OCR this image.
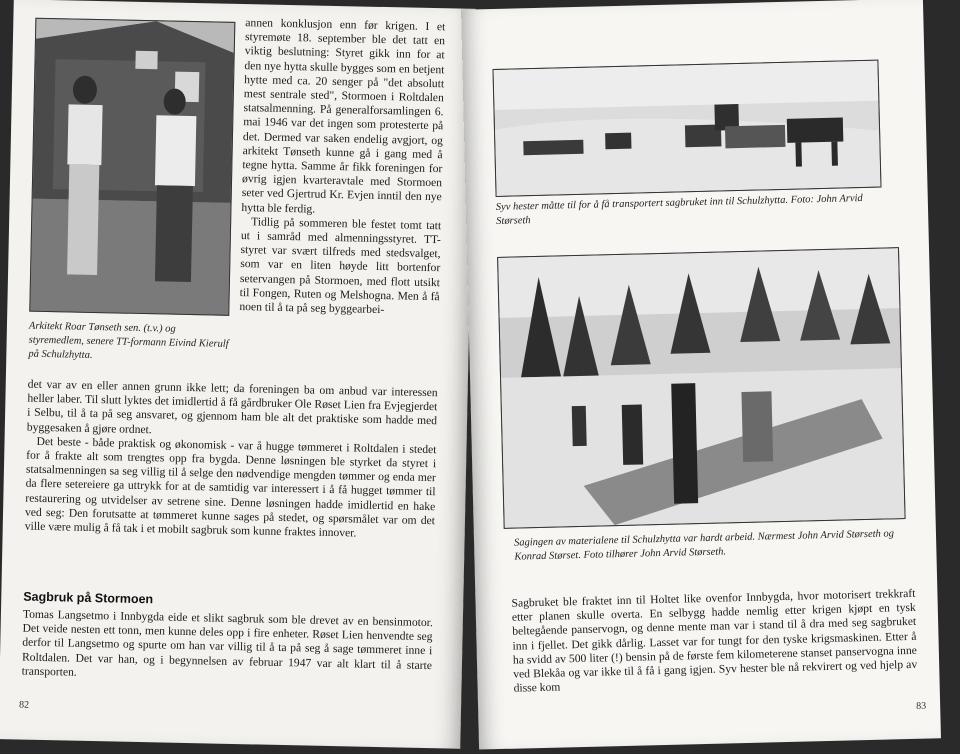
Arkitekt Roar Tønseth sen. (t.v.) og styremedlem, senere TT-formann Eivind Kierulf på Schulzhytta.

annen konklusjon enn før krigen. I et styremøte 18. september ble det tatt en viktig beslutning: Styret gikk inn for at den nye hytta skulle bygges som en betjent hytte med ca. 20 senger på "det absolutt mest sentrale sted", Stormoen i Roltdalen statsalmenning. På generalforsamlingen 6. mai 1946 var det ingen som protesterte på det. Dermed var saken endelig avgjort, og arkitekt Tønseth kunne gå i gang med å tegne hytta. Samme år fikk foreningen for øvrig igjen kvarteravtale med Stormoen seter ved Gjertrud Kr. Evjen inntil den nye hytta ble ferdig.

Tidlig på sommeren ble festet tomt tatt ut i samråd med almenningsstyret. TT-styret var svært tilfreds med stedsvalget, som var en liten høyde litt bortenfor setervangen på Stormoen, med flott utsikt til Fongen, Ruten og Melshogna. Men å få noen til å ta på seg byggearbei-

det var av en eller annen grunn ikke lett; da foreningen ba om anbud var interessen heller laber. Til slutt lyktes det imidlertid å få gårdbruker Ole Røset Lien fra Evjegjerdet i Selbu, til å ta på seg ansvaret, og gjennom ham ble alt det praktiske som hadde med byggesaken å gjøre ordnet.

Det beste - både praktisk og økonomisk - var å hugge tømmeret i Roltdalen i stedet for å frakte alt som trengtes opp fra bygda. Denne løsningen ble styrket da styret i statsalmenningen sa seg villig til å selge den nødvendige mengden tømmer og enda mer da flere setereiere ga uttrykk for at de samtidig var interessert i å få hugget tømmer til restaurering og utvidelser av setrene sine. Denne løsningen hadde imidlertid en hake ved seg: Den forutsatte at tømmeret kunne sages på stedet, og spørsmålet var om det ville være mulig å få tak i et mobilt sagbruk som kunne fraktes innover.

Sagbruk på Stormoen
Tomas Langsetmo i Innbygda eide et slikt sagbruk som ble drevet av en bensinmotor. Det veide nesten ett tonn, men kunne deles opp i fire enheter. Røset Lien henvendte seg derfor til Langsetmo og spurte om han var villig til å ta på seg å sage tømmeret inne i Roltdalen. Det var han, og i begynnelsen av februar 1947 var alt klart til å starte transporten.
82
Syv hester måtte til for å få transportert sagbruket inn til Schulzhytta. Foto: John Arvid Størseth
Sagingen av materialene til Schulzhytta var hardt arbeid. Nærmest John Arvid Størseth og Konrad Størset. Foto tilhører John Arvid Størseth.
Sagbruket ble fraktet inn til Holtet like ovenfor Innbygda, hvor motorisert trekkraft etter planen skulle overta. En selbygg hadde nemlig etter krigen kjøpt en tysk beltegående panservogn, og denne mente man var i stand til å dra med seg sagbruket inn i fjellet. Det gikk dårlig. Lasset var for tungt for den tyske krigsmaskinen. Etter å ha svidd av 500 liter (!) bensin på de første fem kilometerene stanset panservogna inne ved Blekåa og var ikke til å få i gang igjen. Syv hester ble nå rekvirert og ved hjelp av disse kom
83
